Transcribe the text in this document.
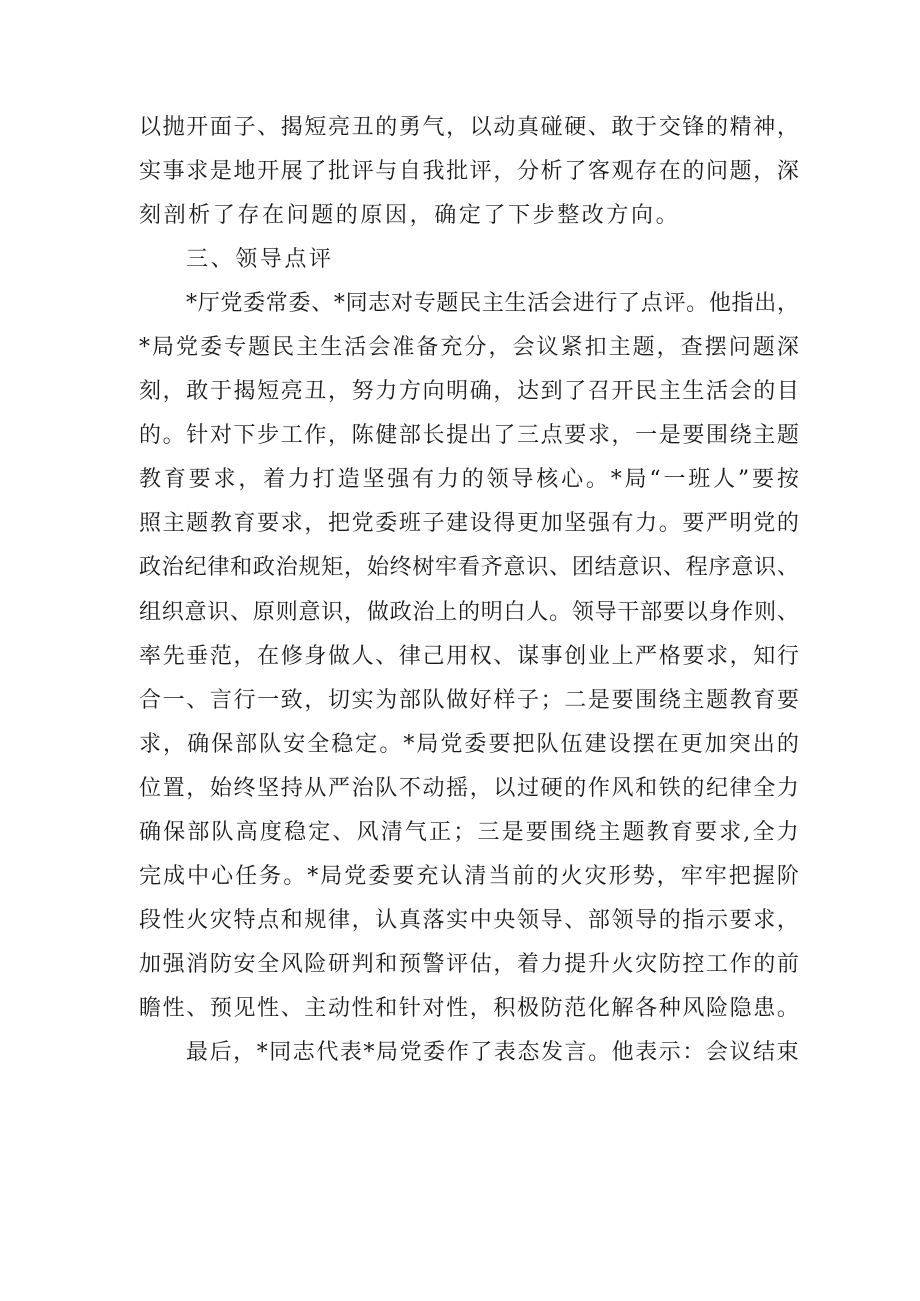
以 抛 开 面 子 、 揭 短 亮 丑 的 勇 气 ， 以 动 真 碰 硬 、 敢 于 交 锋 的 精 神 ，
实 事 求 是 地 开 展 了 批 评 与 自 我 批 评 ， 分 析 了 客 观 存 在 的 问 题 ， 深
刻剖析了存在问题的原因，确定了下步整改方向。
三、领导点评
* 厅 党 委 常 委 、 * 同 志 对 专 题 民 主 生 活 会 进 行 了 点 评 。 他 指 出 ，
* 局 党 委 专 题 民 主 生 活 会 准 备 充 分 ， 会 议 紧 扣 主 题 ， 查 摆 问 题 深
刻 ， 敢 于 揭 短 亮 丑 ， 努 力 方 向 明 确 ， 达 到 了 召 开 民 主 生 活 会 的 目
的 。 针 对 下 步 工 作 ， 陈 健 部 长 提 出 了 三 点 要 求 ， 一 是 要 围 绕 主 题
教 育 要 求 ， 着 力 打 造 坚 强 有 力 的 领 导 核 心 。 * 局 “ 一 班 人 ” 要 按
照 主 题 教 育 要 求 ， 把 党 委 班 子 建 设 得 更 加 坚 强 有 力 。 要 严 明 党 的
政 治 纪 律 和 政 治 规 矩 ， 始 终 树 牢 看 齐 意 识 、 团 结 意 识 、 程 序 意 识 、
组 织 意 识 、 原 则 意 识 ， 做 政 治 上 的 明 白 人 。 领 导 干 部 要 以 身 作 则 、
率 先 垂 范 ， 在 修 身 做 人 、 律 己 用 权 、 谋 事 创 业 上 严 格 要 求 ， 知 行
合 一 、 言 行 一 致 ， 切 实 为 部 队 做 好 样 子 ； 二 是 要 围 绕 主 题 教 育 要
求 ， 确 保 部 队 安 全 稳 定 。 * 局 党 委 要 把 队 伍 建 设 摆 在 更 加 突 出 的
位 置 ， 始 终 坚 持 从 严 治 队 不 动 摇 ， 以 过 硬 的 作 风 和 铁 的 纪 律 全 力
确 保 部 队 高 度 稳 定 、 风 清 气 正 ； 三 是 要 围 绕 主 题 教 育 要 求 , 全 力
完 成 中 心 任 务 。 * 局 党 委 要 充 认 清 当 前 的 火 灾 形 势 ， 牢 牢 把 握 阶
段 性 火 灾 特 点 和 规 律 ， 认 真 落 实 中 央 领 导 、 部 领 导 的 指 示 要 求 ，
加 强 消 防 安 全 风 险 研 判 和 预 警 评 估 ， 着 力 提 升 火 灾 防 控 工 作 的 前
瞻 性 、 预 见 性 、 主 动 性 和 针 对 性 ， 积 极 防 范 化 解 各 种 风 险 隐 患 。
最 后 ， * 同 志 代 表 * 局 党 委 作 了 表 态 发 言 。 他 表 示 ： 会 议 结 束
